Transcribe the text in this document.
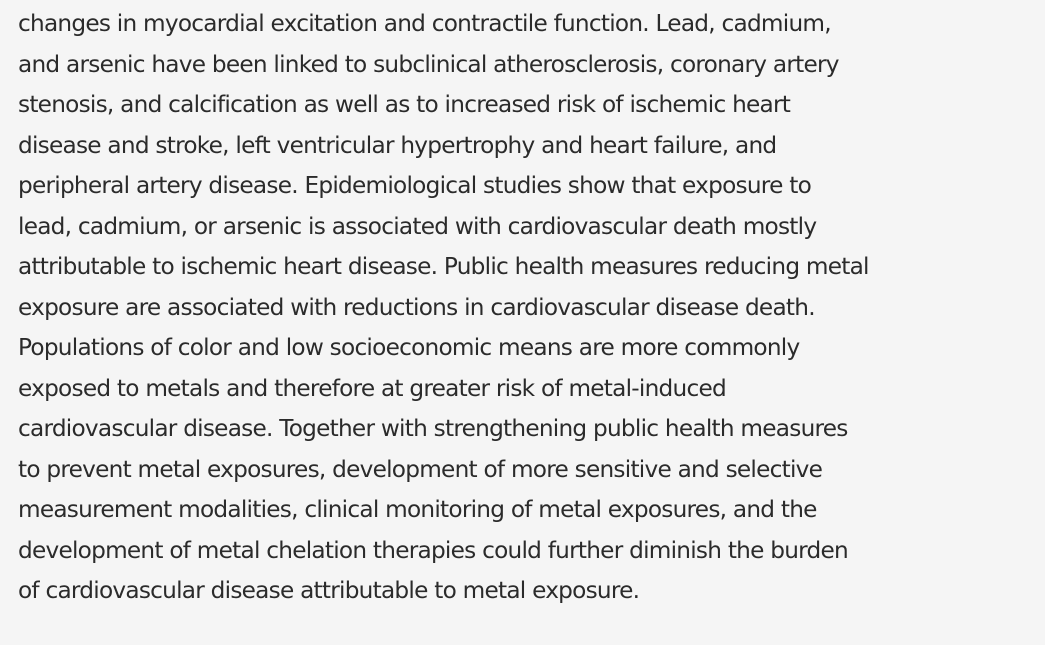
changes in myocardial excitation and contractile function. Lead, cadmium,
and arsenic have been linked to subclinical atherosclerosis, coronary artery
stenosis, and calcification as well as to increased risk of ischemic heart
disease and stroke, left ventricular hypertrophy and heart failure, and
peripheral artery disease. Epidemiological studies show that exposure to
lead, cadmium, or arsenic is associated with cardiovascular death mostly
attributable to ischemic heart disease. Public health measures reducing metal
exposure are associated with reductions in cardiovascular disease death.
Populations of color and low socioeconomic means are more commonly
exposed to metals and therefore at greater risk of metal-induced
cardiovascular disease. Together with strengthening public health measures
to prevent metal exposures, development of more sensitive and selective
measurement modalities, clinical monitoring of metal exposures, and the
development of metal chelation therapies could further diminish the burden
of cardiovascular disease attributable to metal exposure.
